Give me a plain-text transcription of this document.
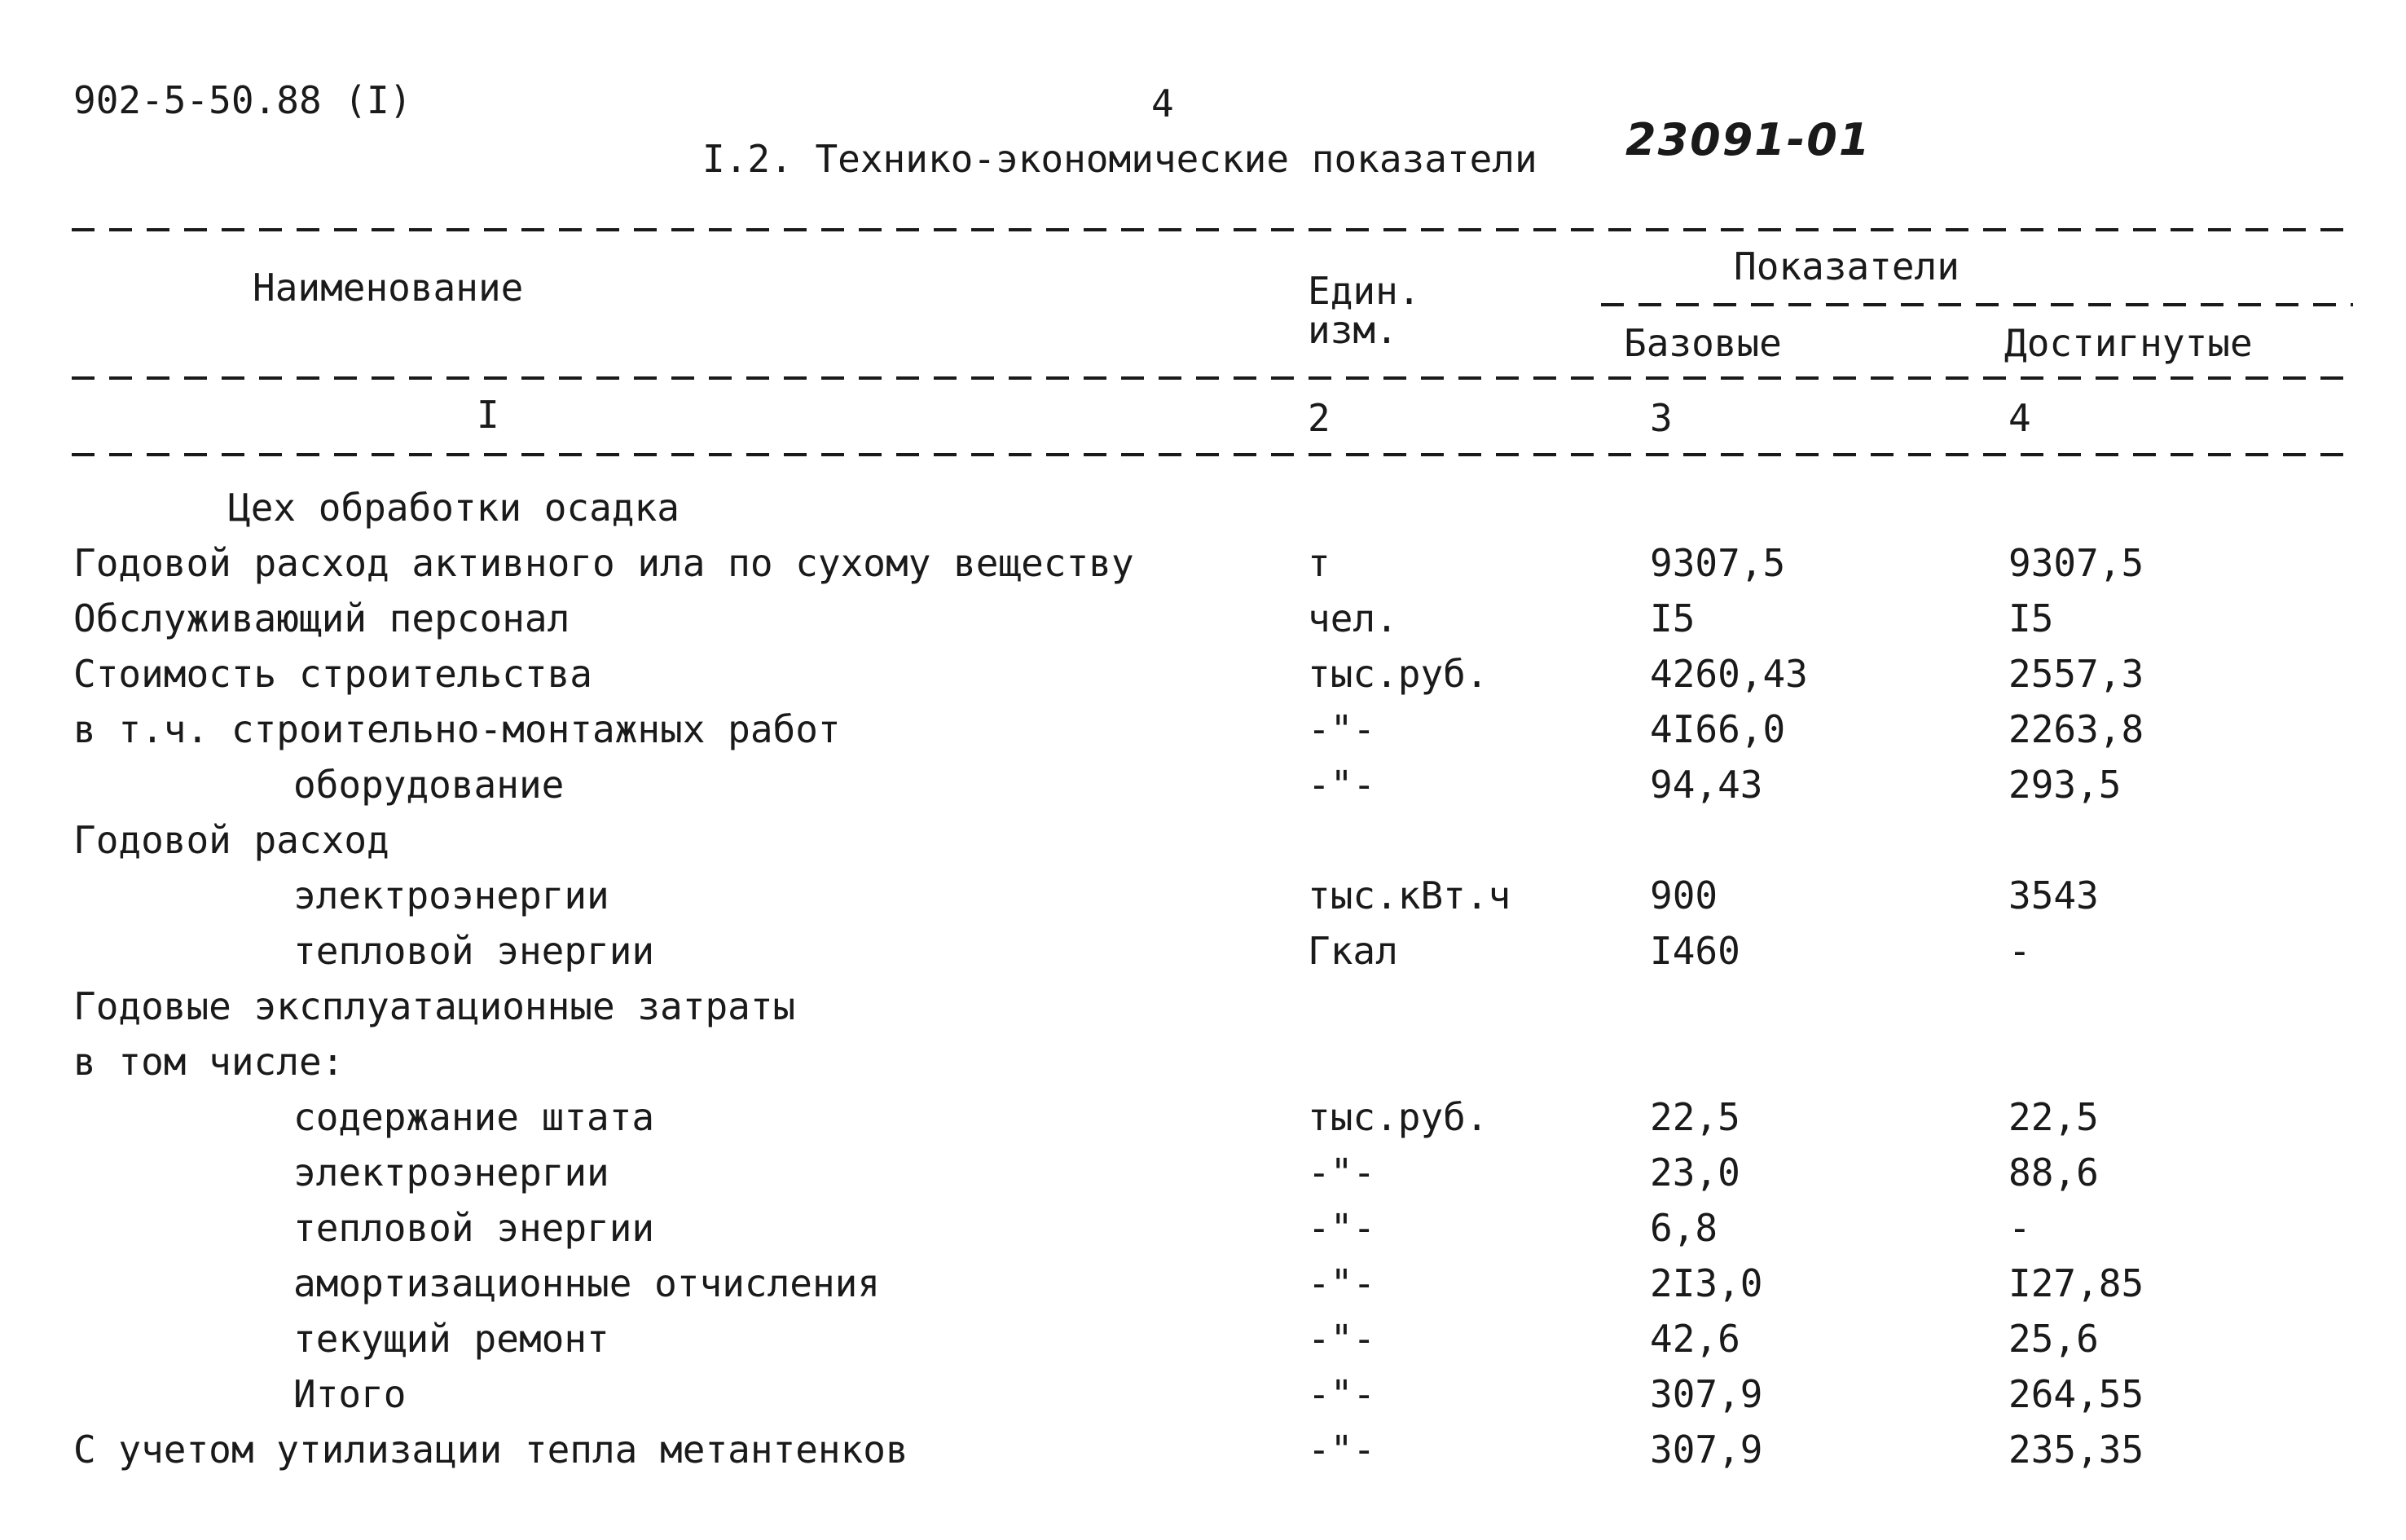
902-5-50.88 (I)	4
I.2. Технико-экономические показатели 23091-01
Наименование	Един.
изм.
Показатели
Базовые	Достигнутые
I	2	3	4
Цех обработки осадка
Годовой расход активного ила по сухому веществу	т	9307,5	9307,5
Обслуживающий персонал	чел.	I5	I5
Стоимость строительства	тыс.руб.	4260,43	2557,3
в т.ч. строительно-монтажных работ	-"-	4I66,0	2263,8
оборудование	-"-	94,43	293,5
Годовой расход
электроэнергии	тыс.кВт.ч	900	3543
тепловой энергии	Гкал	I460	-
Годовые эксплуатационные затраты
в том числе:
содержание штата	тыс.руб.	22,5	22,5
электроэнергии	-"-	23,0	88,6
тепловой энергии	-"-	6,8	-
амортизационные отчисления	-"-	2I3,0	I27,85
текущий ремонт	-"-	42,6	25,6
Итого	-"-	307,9	264,55
С учетом утилизации тепла метантенков	-"-	307,9	235,35
